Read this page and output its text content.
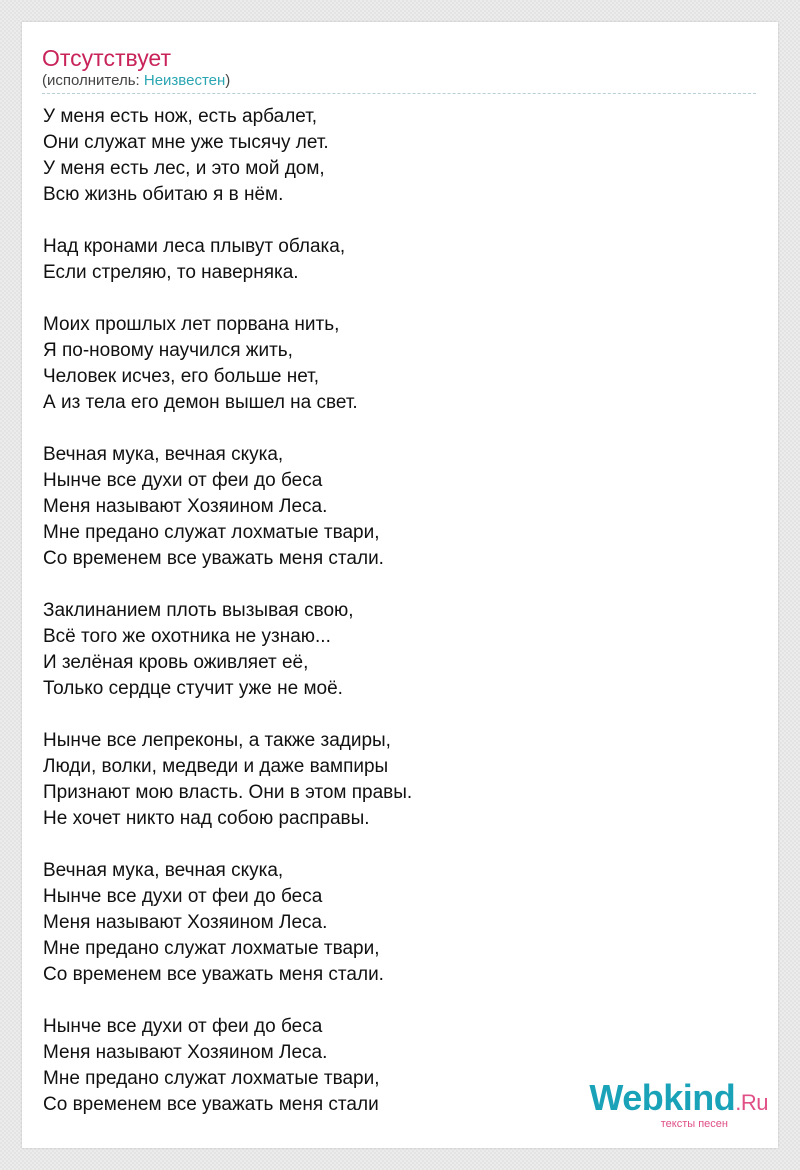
Отсутствует
(исполнитель: Неизвестен)
У меня есть нож, есть арбалет,
Они служат мне уже тысячу лет.
У меня есть лес, и это мой дом,
Всю жизнь обитаю я в нём.
Над кронами леса плывут облака,
Если стреляю, то наверняка.
Моих прошлых лет порвана нить,
Я по-новому научился жить,
Человек исчез, его больше нет,
А из тела его демон вышел на свет.
Вечная мука, вечная скука,
Нынче все духи от феи до беса
Меня называют Хозяином Леса.
Мне предано служат лохматые твари,
Со временем все уважать меня стали.
Заклинанием плоть вызывая свою,
Всё того же охотника не узнаю...
И зелёная кровь оживляет её,
Только сердце стучит уже не моё.
Нынче все лепреконы, а также задиры,
Люди, волки, медведи и даже вампиры
Признают мою власть. Они в этом правы.
Не хочет никто над собою расправы.
Вечная мука, вечная скука,
Нынче все духи от феи до беса
Меня называют Хозяином Леса.
Мне предано служат лохматые твари,
Со временем все уважать меня стали.
Нынче все духи от феи до беса
Меня называют Хозяином Леса.
Мне предано служат лохматые твари,
Со временем все уважать меня стали	Webkind.Ru
тексты песен
